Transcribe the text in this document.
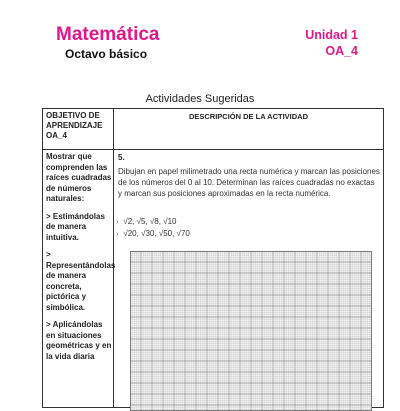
Matemática
Octavo básico
Unidad 1
OA_4
Actividades Sugeridas
OBJETIVO DE APRENDIZAJE OA_4
DESCRIPCIÓN DE LA ACTIVIDAD

Mostrar que comprenden las raíces cuadradas de números naturales:

> Estimándolas de manera intuitiva.

> Representándolas de manera concreta, pictórica y simbólica.

> Aplicándolas en situaciones geométricas y en la vida diaria

5.
Dibujan en papel milimetrado una recta numérica y marcan las posiciones de los números del 0 al 10. Determinan las raíces cuadradas no exactas y marcan sus posiciones aproximadas en la recta numérica.
› √2, √5, √8, √10
› √20, √30, √50, √70
